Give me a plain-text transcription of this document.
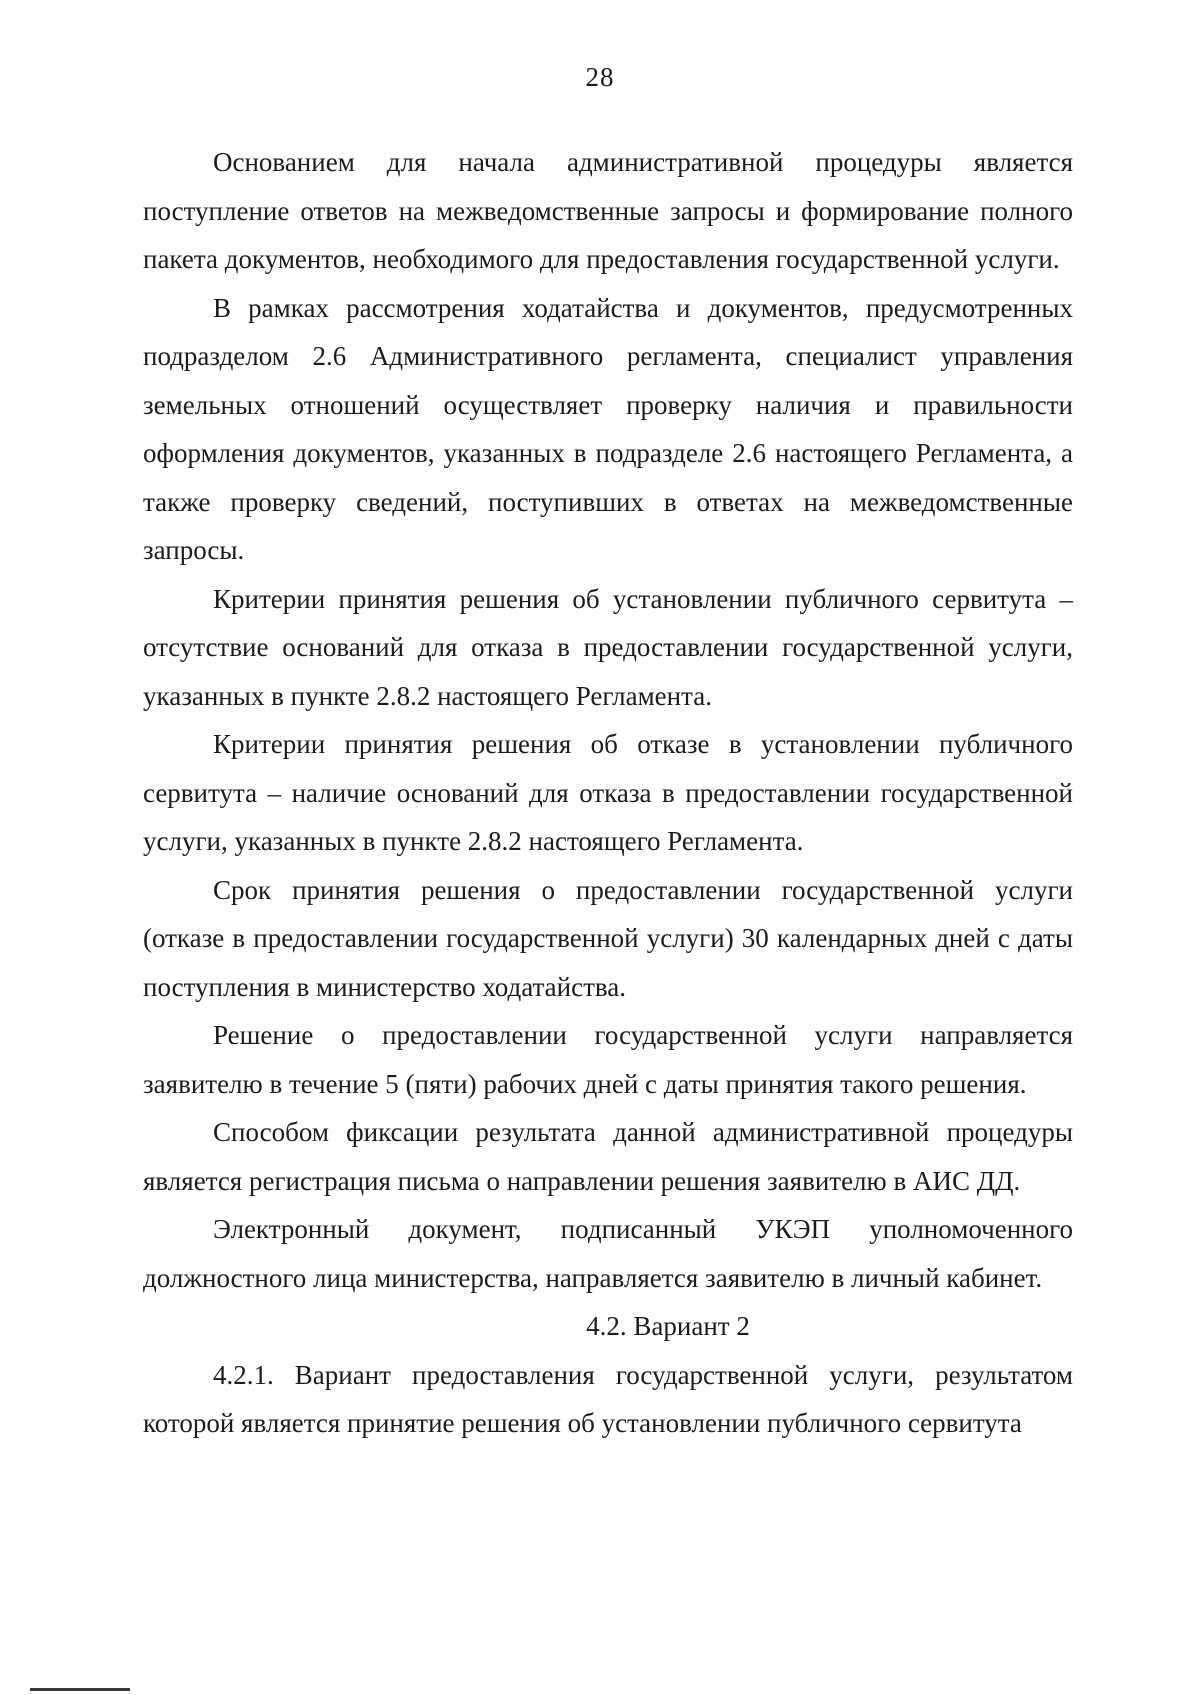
28

Основанием для начала административной процедуры является поступление ответов на межведомственные запросы и формирование полного пакета документов, необходимого для предоставления государственной услуги.

В рамках рассмотрения ходатайства и документов, предусмотренных подразделом 2.6 Административного регламента, специалист управления земельных отношений осуществляет проверку наличия и правильности оформления документов, указанных в подразделе 2.6 настоящего Регламента, а также проверку сведений, поступивших в ответах на межведомственные запросы.

Критерии принятия решения об установлении публичного сервитута – отсутствие оснований для отказа в предоставлении государственной услуги, указанных в пункте 2.8.2 настоящего Регламента.

Критерии принятия решения об отказе в установлении публичного сервитута – наличие оснований для отказа в предоставлении государственной услуги, указанных в пункте 2.8.2 настоящего Регламента.

Срок принятия решения о предоставлении государственной услуги (отказе в предоставлении государственной услуги) 30 календарных дней с даты поступления в министерство ходатайства.

Решение о предоставлении государственной услуги направляется заявителю в течение 5 (пяти) рабочих дней с даты принятия такого решения.

Способом фиксации результата данной административной процедуры является регистрация письма о направлении решения заявителю в АИС ДД.

Электронный документ, подписанный УКЭП уполномоченного должностного лица министерства, направляется заявителю в личный кабинет.

4.2. Вариант 2

4.2.1. Вариант предоставления государственной услуги, результатом которой является принятие решения об установлении публичного сервитута
